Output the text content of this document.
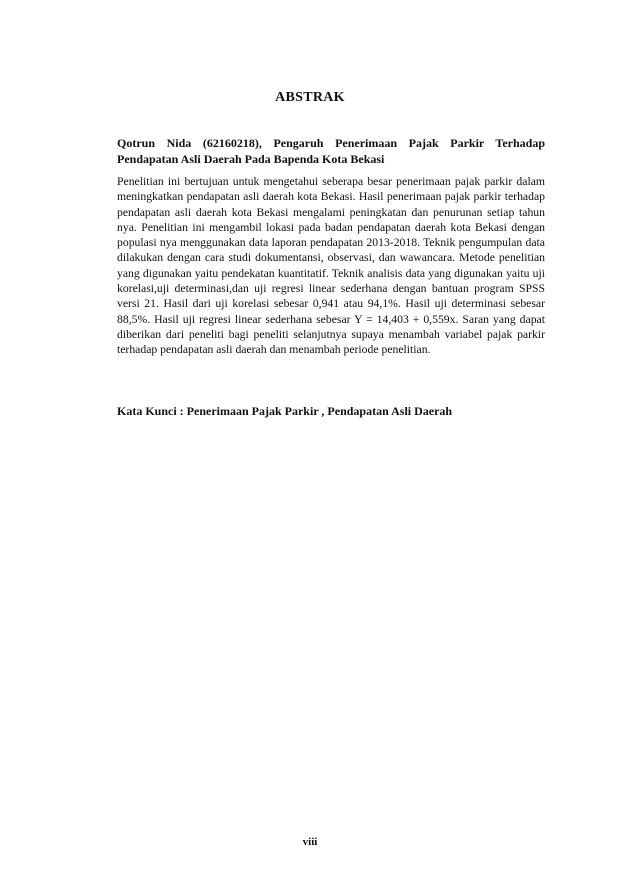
ABSTRAK
Qotrun Nida (62160218), Pengaruh Penerimaan Pajak Parkir Terhadap Pendapatan Asli Daerah Pada Bapenda Kota Bekasi

Penelitian ini bertujuan untuk mengetahui seberapa besar penerimaan pajak parkir dalam meningkatkan pendapatan asli daerah kota Bekasi. Hasil penerimaan pajak parkir terhadap pendapatan asli daerah kota Bekasi mengalami peningkatan dan penurunan setiap tahun nya. Penelitian ini mengambil lokasi pada badan pendapatan daerah kota Bekasi dengan populasi nya menggunakan data laporan pendapatan 2013-2018. Teknik pengumpulan data dilakukan dengan cara studi dokumentansi, observasi, dan wawancara. Metode penelitian yang digunakan yaitu pendekatan kuantitatif. Teknik analisis data yang digunakan yaitu uji korelasi,uji determinasi,dan uji regresi linear sederhana dengan bantuan program SPSS versi 21. Hasil dari uji korelasi sebesar 0,941 atau 94,1%. Hasil uji determinasi sebesar 88,5%. Hasil uji regresi linear sederhana sebesar Y = 14,403 + 0,559x. Saran yang dapat diberikan dari peneliti bagi peneliti selanjutnya supaya menambah variabel pajak parkir terhadap pendapatan asli daerah dan menambah periode penelitian.

Kata Kunci : Penerimaan Pajak Parkir , Pendapatan Asli Daerah
viii
